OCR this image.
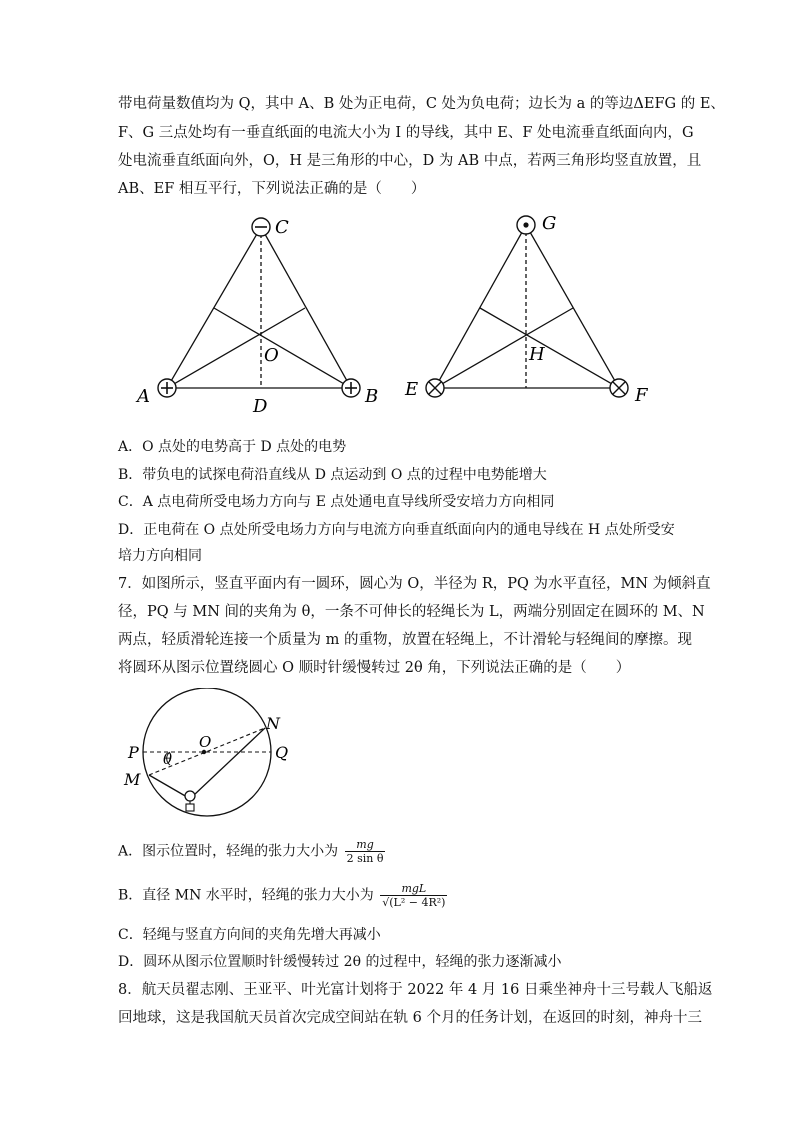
带电荷量数值均为 Q，其中 A、B 处为正电荷，C 处为负电荷；边长为 a 的等边ΔEFG 的 E、
F、G 三点处均有一垂直纸面的电流大小为 I 的导线，其中 E、F 处电流垂直纸面向内，G
处电流垂直纸面向外，O，H 是三角形的中心，D 为 AB 中点，若两三角形均竖直放置，且
AB、EF 相互平行，下列说法正确的是（　　）
C
A	B
O
D
G
E	F
H
A．O 点处的电势高于 D 点处的电势
B．带负电的试探电荷沿直线从 D 点运动到 O 点的过程中电势能增大
C．A 点电荷所受电场力方向与 E 点处通电直导线所受安培力方向相同
D．正电荷在 O 点处所受电场力方向与电流方向垂直纸面向内的通电导线在 H 点处所受安
培力方向相同
7．如图所示，竖直平面内有一圆环，圆心为 O，半径为 R，PQ 为水平直径，MN 为倾斜直
径，PQ 与 MN 间的夹角为 θ，一条不可伸长的轻绳长为 L，两端分别固定在圆环的 M、N
两点，轻质滑轮连接一个质量为 m 的重物，放置在轻绳上，不计滑轮与轻绳间的摩擦。现
将圆环从图示位置绕圆心 O 顺时针缓慢转过 2θ 角，下列说法正确的是（　　）
P	Q
O
θ
M
N
A．图示位置时，轻绳的张力大小为 $\frac{mg}{\text{2 sin θ}}$
B．直径 MN 水平时，轻绳的张力大小为 $\frac{\text{mgL}}{\text{√(L² − 4R²)}}$
C．轻绳与竖直方向间的夹角先增大再减小
D．圆环从图示位置顺时针缓慢转过 2θ 的过程中，轻绳的张力逐渐减小
8．航天员翟志刚、王亚平、叶光富计划将于 2022 年 4 月 16 日乘坐神舟十三号载人飞船返
回地球，这是我国航天员首次完成空间站在轨 6 个月的任务计划，在返回的时刻，神舟十三
